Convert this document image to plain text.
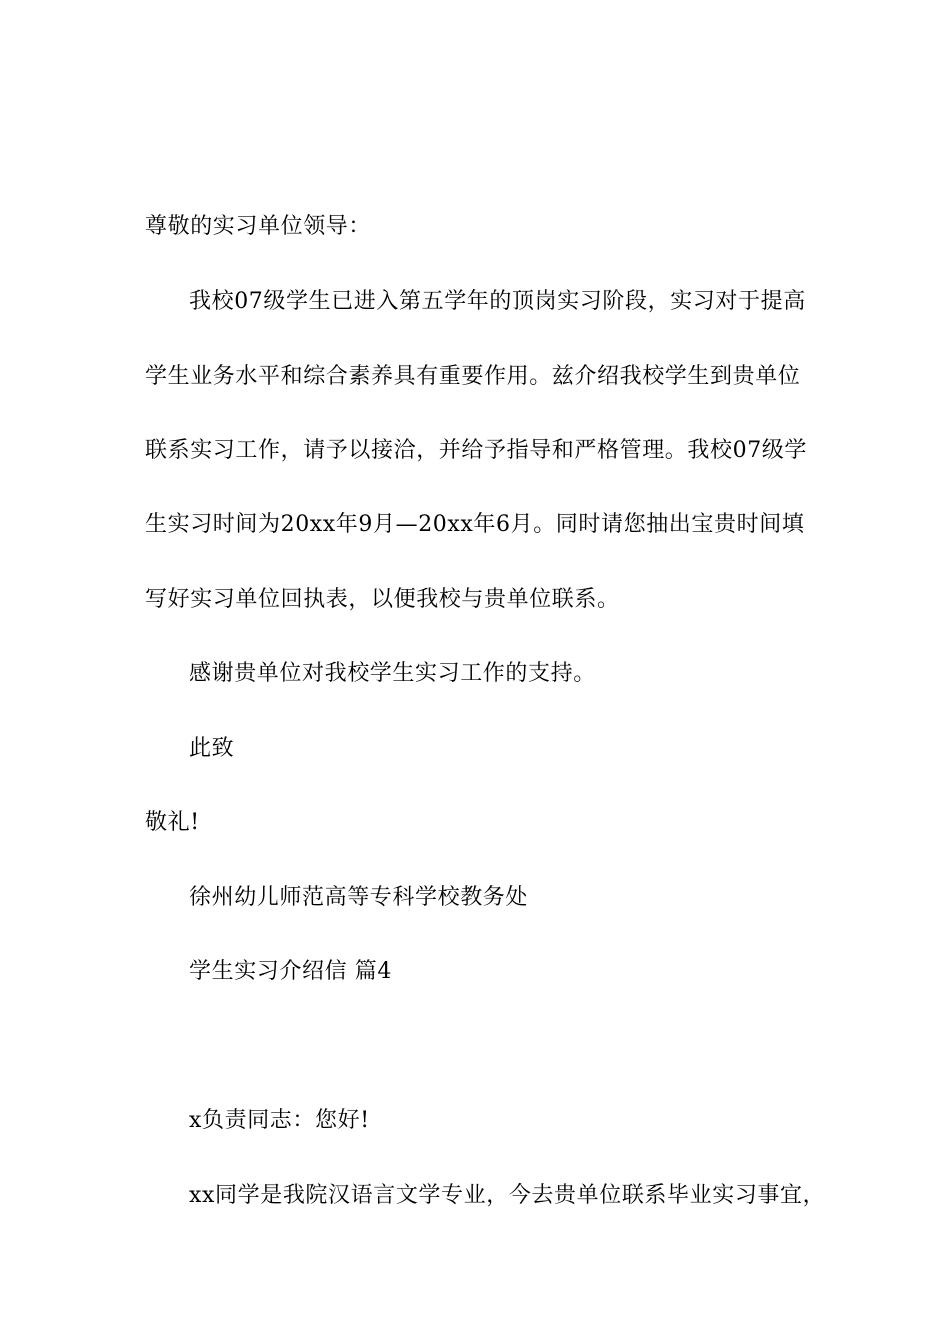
尊敬的实习单位领导：
我校07级学生已进入第五学年的顶岗实习阶段，实习对于提高
学生业务水平和综合素养具有重要作用。兹介绍我校学生到贵单位
联系实习工作，请予以接洽，并给予指导和严格管理。我校07级学
生实习时间为20xx年9月—20xx年6月。同时请您抽出宝贵时间填
写好实习单位回执表，以便我校与贵单位联系。
感谢贵单位对我校学生实习工作的支持。
此致
敬礼!
徐州幼儿师范高等专科学校教务处
学生实习介绍信 篇4
x负责同志：您好!
xx同学是我院汉语言文学专业，今去贵单位联系毕业实习事宜，
